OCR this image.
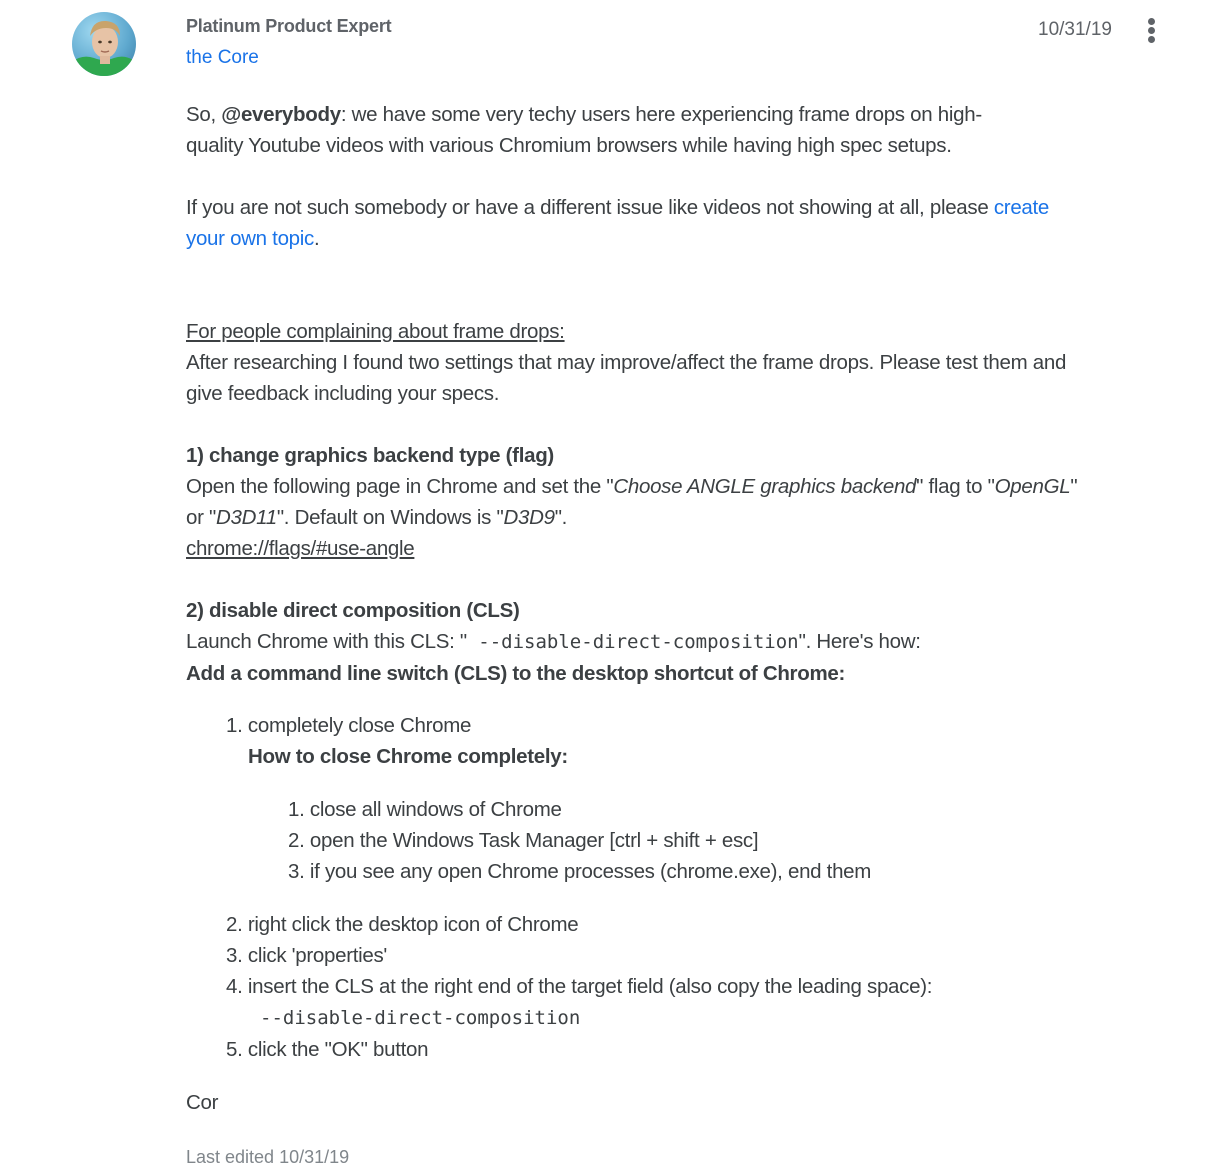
Platinum Product Expert
the Core
10/31/19

So, @everybody: we have some very techy users here experiencing frame drops on high-
quality Youtube videos with various Chromium browsers while having high spec setups.

If you are not such somebody or have a different issue like videos not showing at all, please create
your own topic.

For people complaining about frame drops:

After researching I found two settings that may improve/affect the frame drops. Please test them and
give feedback including your specs.

1) change graphics backend type (flag)

Open the following page in Chrome and set the "Choose ANGLE graphics backend" flag to "OpenGL"
or "D3D11". Default on Windows is "D3D9".

chrome://flags/#use-angle

2) disable direct composition (CLS)

Launch Chrome with this CLS: " --disable-direct-composition". Here's how:

Add a command line switch (CLS) to the desktop shortcut of Chrome:

1. completely close Chrome
How to close Chrome completely:
1. close all windows of Chrome
2. open the Windows Task Manager [ctrl + shift + esc]
3. if you see any open Chrome processes (chrome.exe), end them
2. right click the desktop icon of Chrome
3. click 'properties'
4. insert the CLS at the right end of the target field (also copy the leading space):
--disable-direct-composition
5. click the "OK" button

Cor

Last edited 10/31/19
